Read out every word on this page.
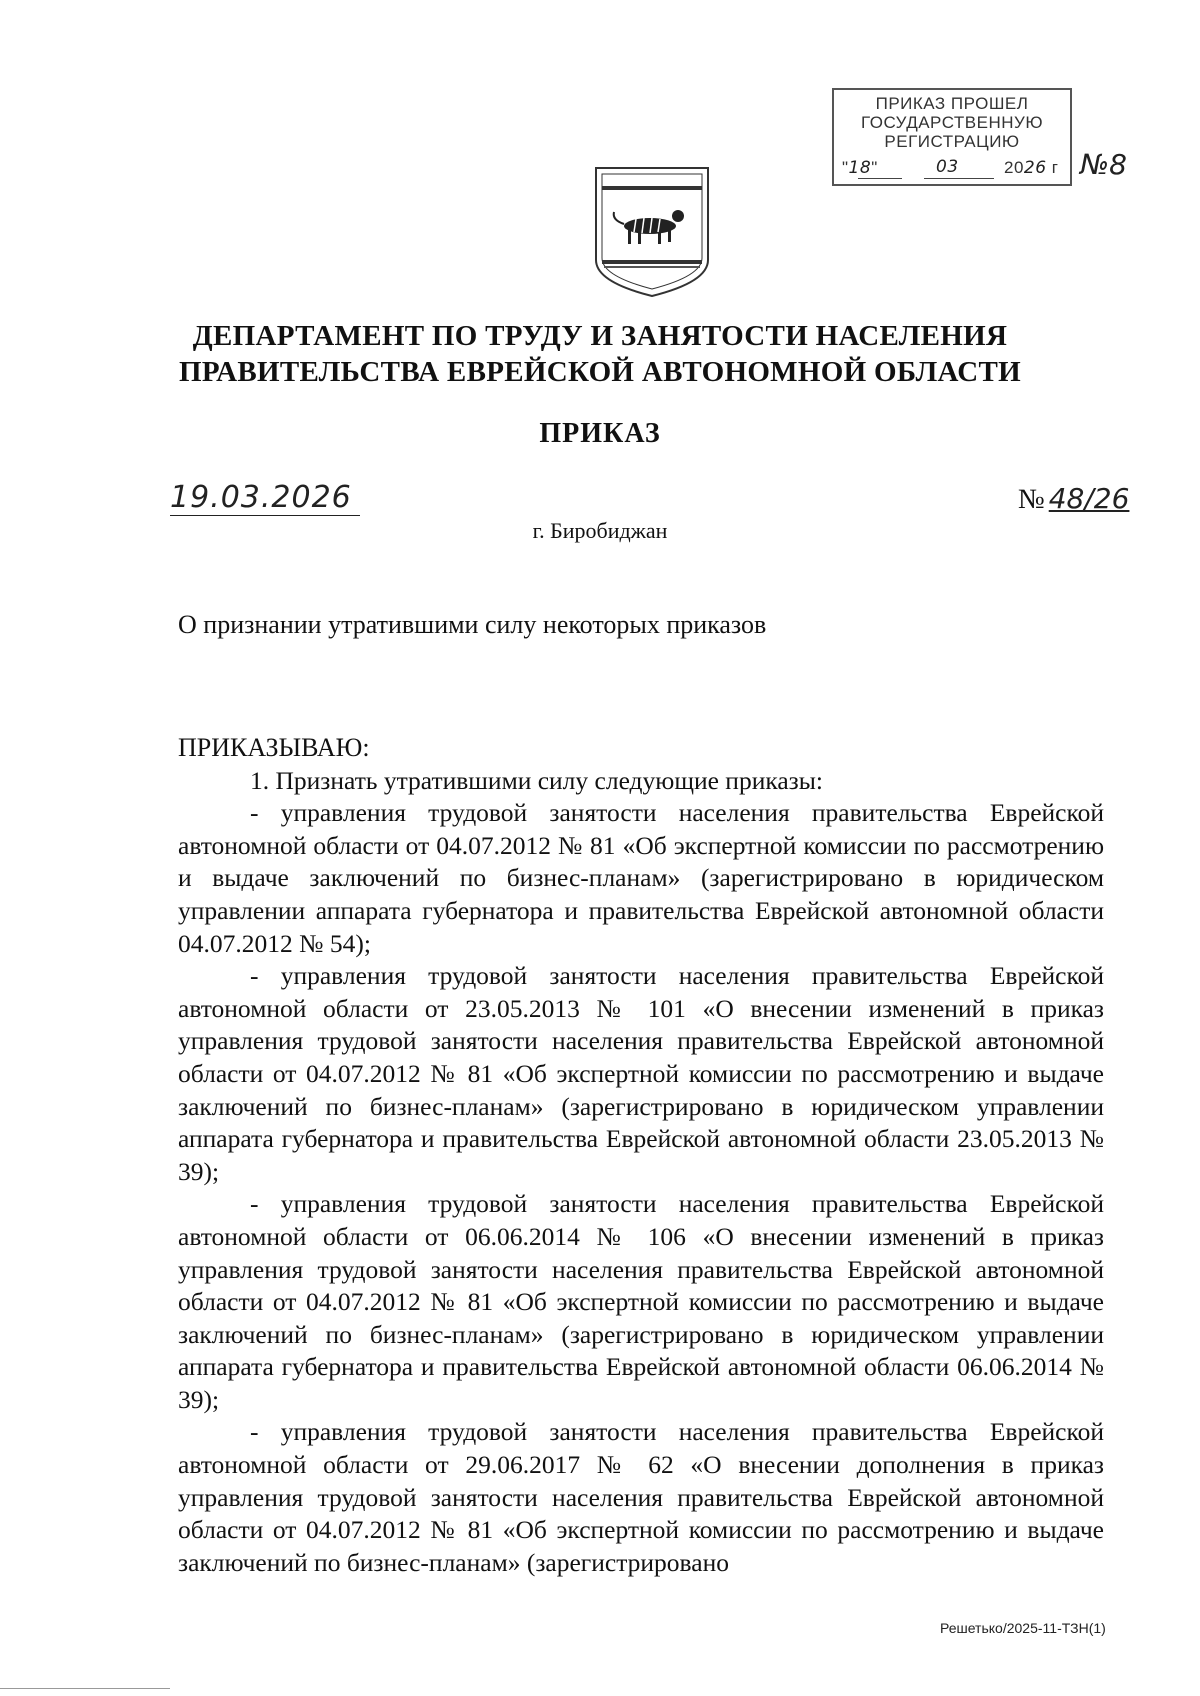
ПРИКАЗ ПРОШЕЛ
ГОСУДАРСТВЕННУЮ
РЕГИСТРАЦИЮ
"18"	03	2026 г №8
ДЕПАРТАМЕНТ ПО ТРУДУ И ЗАНЯТОСТИ НАСЕЛЕНИЯ
ПРАВИТЕЛЬСТВА ЕВРЕЙСКОЙ АВТОНОМНОЙ ОБЛАСТИ
ПРИКАЗ
19.03.2026	№ 48/26
г. Биробиджан
О признании утратившими силу некоторых приказов

ПРИКАЗЫВАЮ:

1. Признать утратившими силу следующие приказы:

- управления трудовой занятости населения правительства Еврейской автономной области от 04.07.2012 № 81 «Об экспертной комиссии по рассмотрению и выдаче заключений по бизнес-планам» (зарегистрировано в юридическом управлении аппарата губернатора и правительства Еврейской автономной области 04.07.2012 № 54);

- управления трудовой занятости населения правительства Еврейской автономной области от 23.05.2013 № 101 «О внесении изменений в приказ управления трудовой занятости населения правительства Еврейской автономной области от 04.07.2012 № 81 «Об экспертной комиссии по рассмотрению и выдаче заключений по бизнес-планам» (зарегистрировано в юридическом управлении аппарата губернатора и правительства Еврейской автономной области 23.05.2013 № 39);

- управления трудовой занятости населения правительства Еврейской автономной области от 06.06.2014 № 106 «О внесении изменений в приказ управления трудовой занятости населения правительства Еврейской автономной области от 04.07.2012 № 81 «Об экспертной комиссии по рассмотрению и выдаче заключений по бизнес-планам» (зарегистрировано в юридическом управлении аппарата губернатора и правительства Еврейской автономной области 06.06.2014 № 39);

- управления трудовой занятости населения правительства Еврейской автономной области от 29.06.2017 № 62 «О внесении дополнения в приказ управления трудовой занятости населения правительства Еврейской автономной области от 04.07.2012 № 81 «Об экспертной комиссии по рассмотрению и выдаче заключений по бизнес-планам» (зарегистрировано

Решетько/2025-11-ТЗН(1)
